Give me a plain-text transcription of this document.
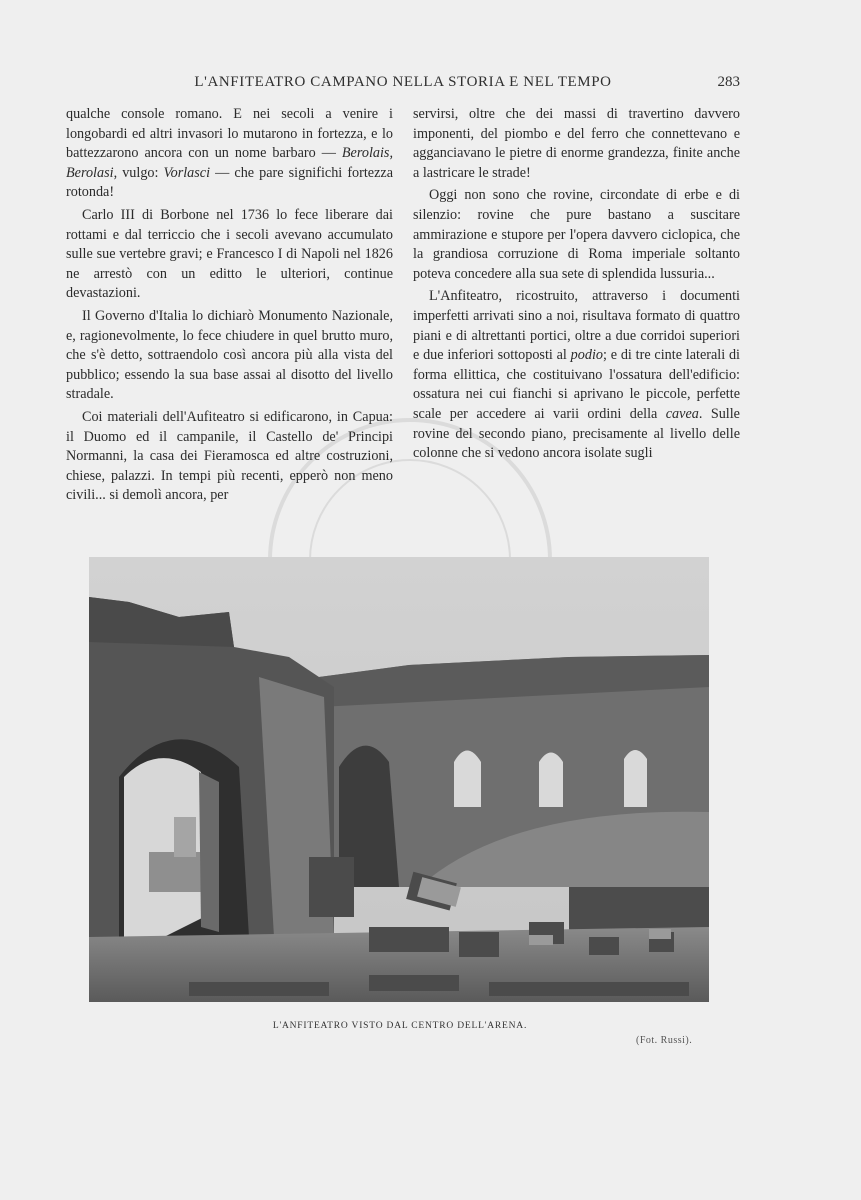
L'ANFITEATRO CAMPANO NELLA STORIA E NEL TEMPO	283

qualche console romano. E nei secoli a venire i longobardi ed altri invasori lo mutarono in fortezza, e lo battezzarono ancora con un nome barbaro — Berolais, Berolasi, vulgo: Vorlasci — che pare significhi fortezza rotonda!

Carlo III di Borbone nel 1736 lo fece liberare dai rottami e dal terriccio che i secoli avevano accumulato sulle sue vertebre gravi; e Francesco I di Napoli nel 1826 ne arrestò con un editto le ulteriori, continue devastazioni.

Il Governo d'Italia lo dichiarò Monumento Nazionale, e, ragionevolmente, lo fece chiudere in quel brutto muro, che s'è detto, sottraendolo così ancora più alla vista del pubblico; essendo la sua base assai al disotto del livello stradale.

Coi materiali dell'Aufiteatro si edificarono, in Capua: il Duomo ed il campanile, il Castello de' Principi Normanni, la casa dei Fieramosca ed altre costruzioni, chiese, palazzi. In tempi più recenti, epperò non meno civili... si demolì ancora, per

servirsi, oltre che dei massi di travertino davvero imponenti, del piombo e del ferro che connettevano e agganciavano le pietre di enorme grandezza, finite anche a lastricare le strade!

Oggi non sono che rovine, circondate di erbe e di silenzio: rovine che pure bastano a suscitare ammirazione e stupore per l'opera davvero ciclopica, che la grandiosa corruzione di Roma imperiale soltanto poteva concedere alla sua sete di splendida lussuria...

L'Anfiteatro, ricostruito, attraverso i documenti imperfetti arrivati sino a noi, risultava formato di quattro piani e di altrettanti portici, oltre a due corridoi superiori e due inferiori sottoposti al podio; e di tre cinte laterali di forma ellittica, che costituivano l'ossatura dell'edificio: ossatura nei cui fianchi si aprivano le piccole, perfette scale per accedere ai varii ordini della cavea. Sulle rovine del secondo piano, precisamente al livello delle colonne che si vedono ancora isolate sugli

L'ANFITEATRO VISTO DAL CENTRO DELL'ARENA.
(Fot. Russi).
